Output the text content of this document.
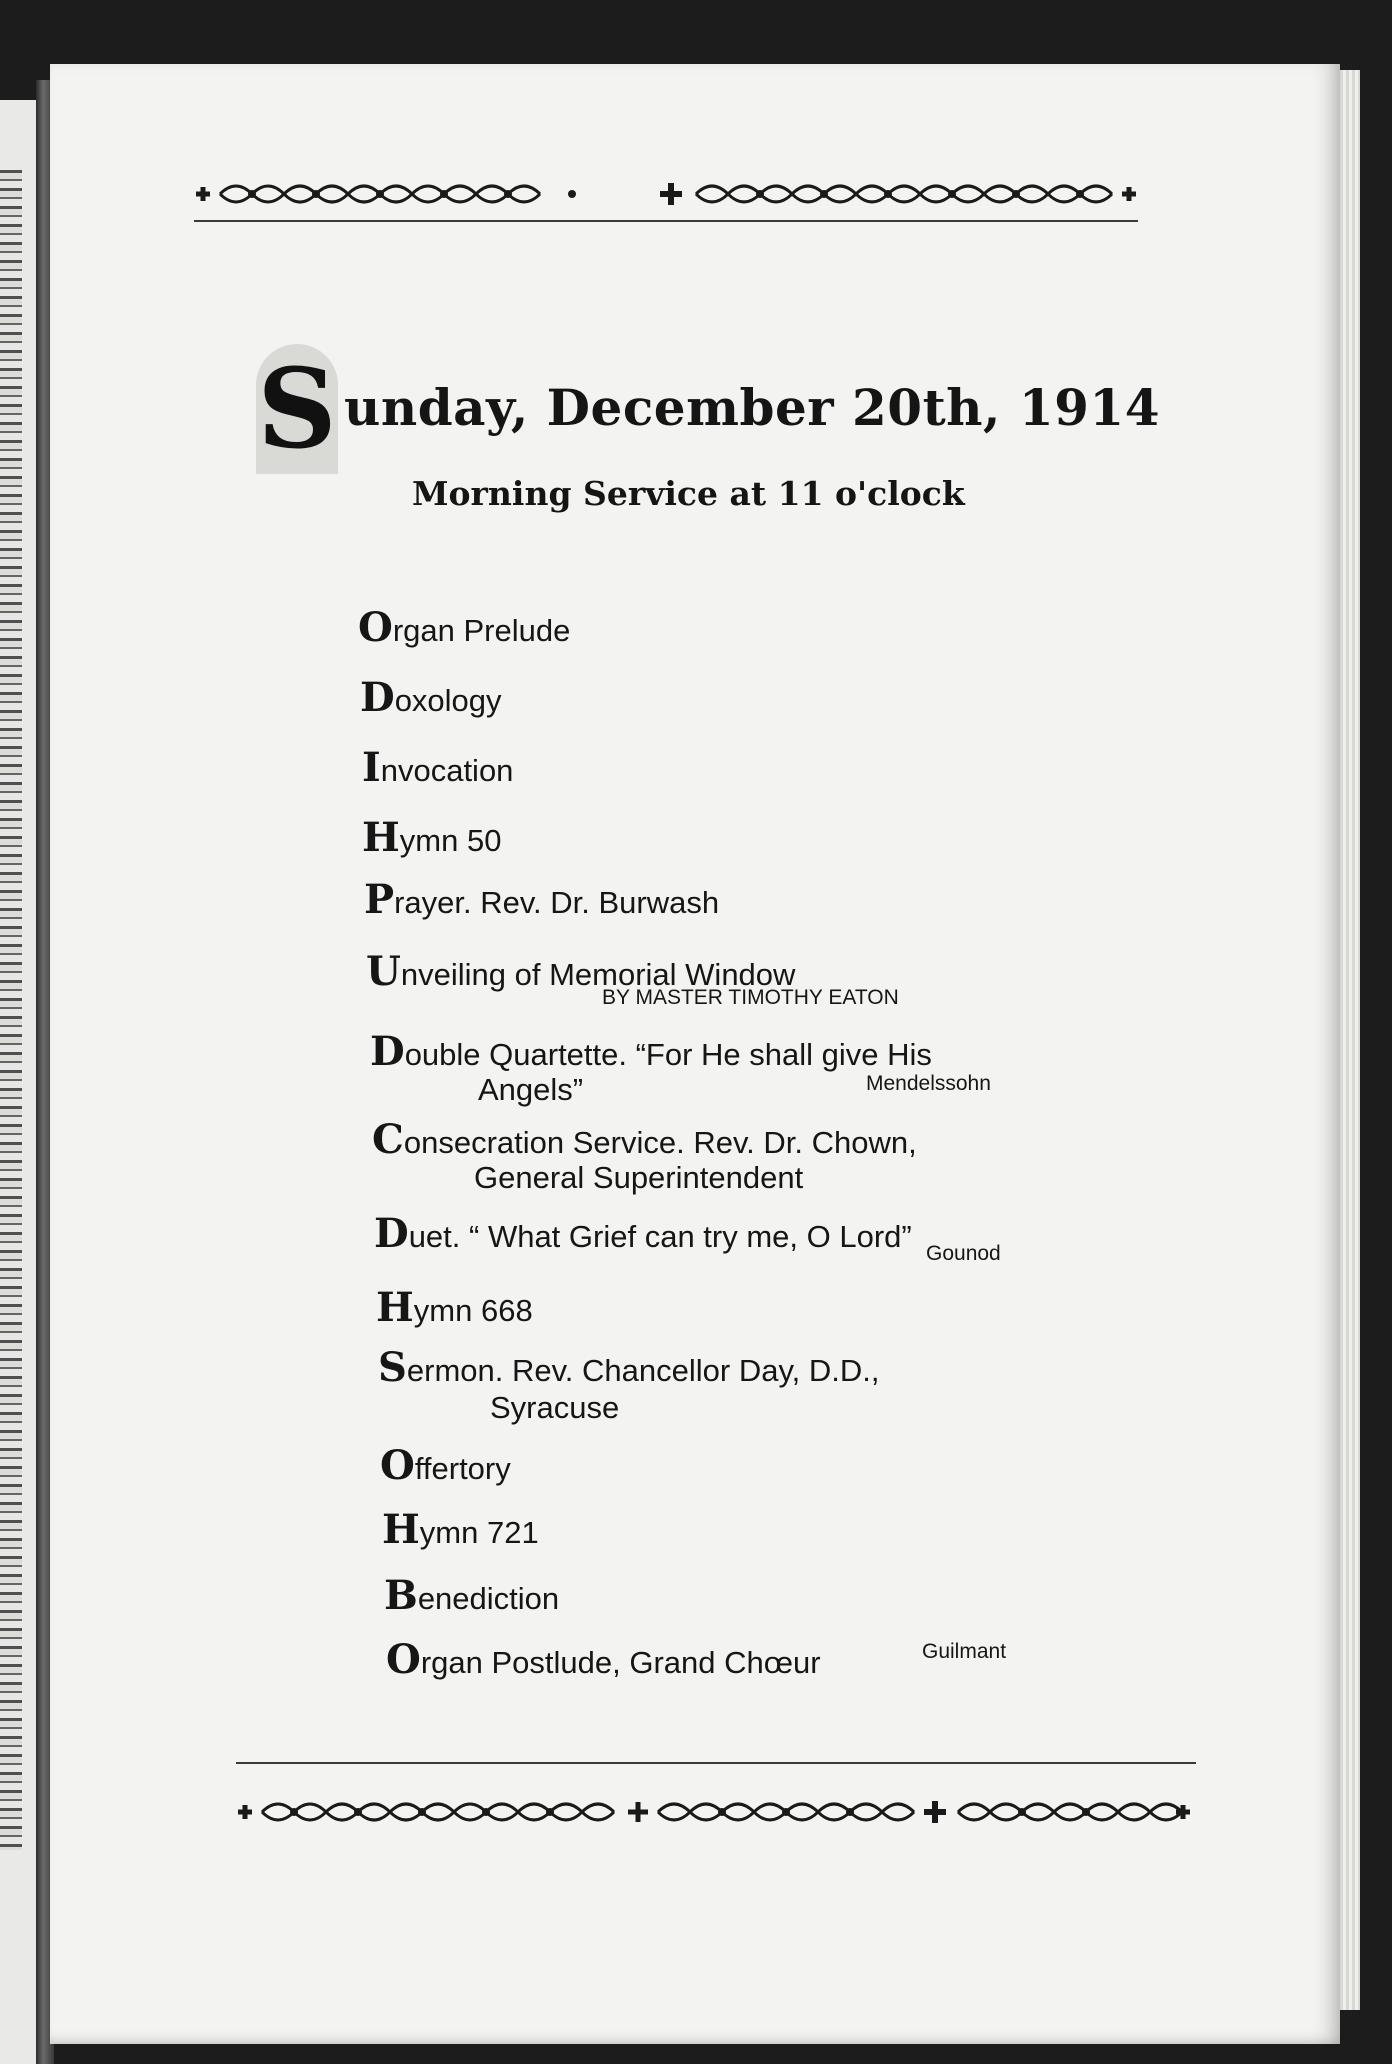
S unday, December 20th, 1914
Morning Service at 11 o'clock
Organ Prelude
Doxology
Invocation
Hymn 50
Prayer. Rev. Dr. Burwash
Unveiling of Memorial Window
BY MASTER TIMOTHY EATON
Double Quartette. “For He shall give His
Angels”	Mendelssohn
Consecration Service. Rev. Dr. Chown,
General Superintendent
Duet. “ What Grief can try me, O Lord” Gounod
Hymn 668
Sermon. Rev. Chancellor Day, D.D.,
Syracuse
Offertory
Hymn 721
Benediction
Organ Postlude, Grand Chœur	Guilmant
